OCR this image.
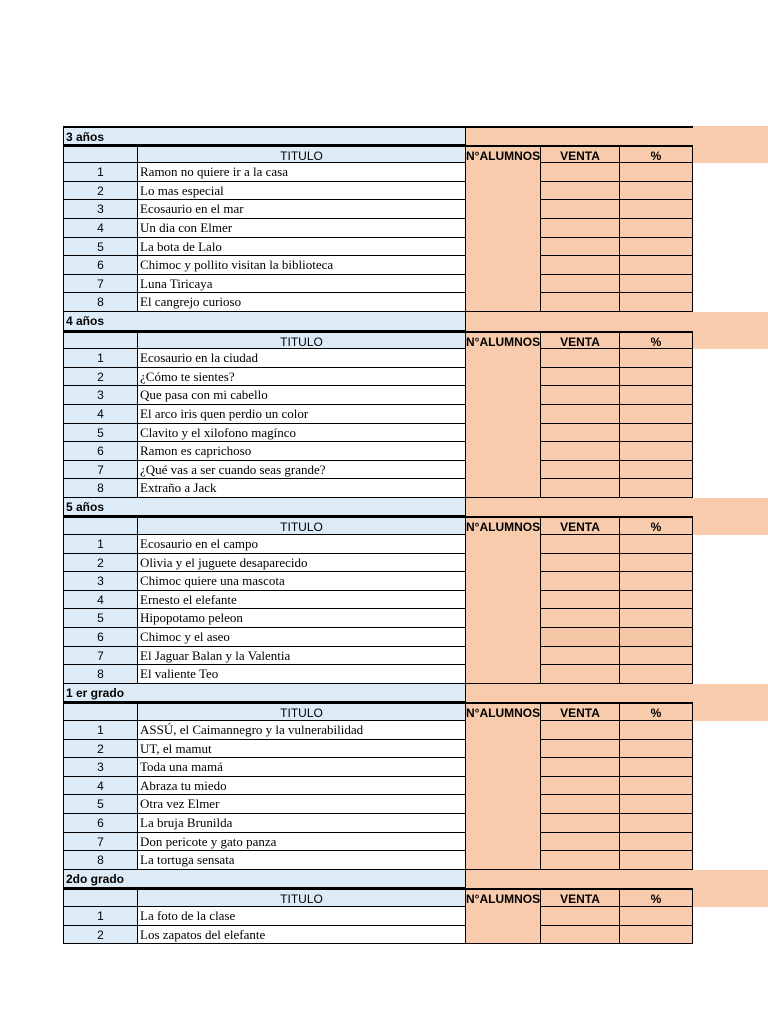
3 años
TITULO	N°ALUMNOS	VENTA	%
1	Ramon no quiere ir a la casa
2	Lo mas especial
3	Ecosaurio en el mar
4	Un dia con Elmer
5	La bota de Lalo
6	Chimoc y pollito visitan la biblioteca
7	Luna Tiricaya
8	El cangrejo curioso
4 años
TITULO	N°ALUMNOS	VENTA	%
1	Ecosaurio en la ciudad
2	¿Cómo te sientes?
3	Que pasa con mi cabello
4	El arco iris quen perdio un color
5	Clavito y el xilofono magínco
6	Ramon es caprichoso
7	¿Qué vas a ser cuando seas grande?
8	Extraño a Jack
5 años
TITULO	N°ALUMNOS	VENTA	%
1	Ecosaurio en el campo
2	Olivia y el juguete desaparecido
3	Chimoc quiere una mascota
4	Ernesto el elefante
5	Hipopotamo peleon
6	Chimoc y el aseo
7	El Jaguar Balan y la Valentia
8	El valiente Teo
1 er grado
TITULO	N°ALUMNOS	VENTA	%
1	ASSÚ, el Caimannegro y la vulnerabilidad
2	UT, el mamut
3	Toda una mamá
4	Abraza tu miedo
5	Otra vez Elmer
6	La bruja Brunilda
7	Don pericote y gato panza
8	La tortuga sensata
2do grado
TITULO	N°ALUMNOS	VENTA	%
1	La foto de la clase
2	Los zapatos del elefante
